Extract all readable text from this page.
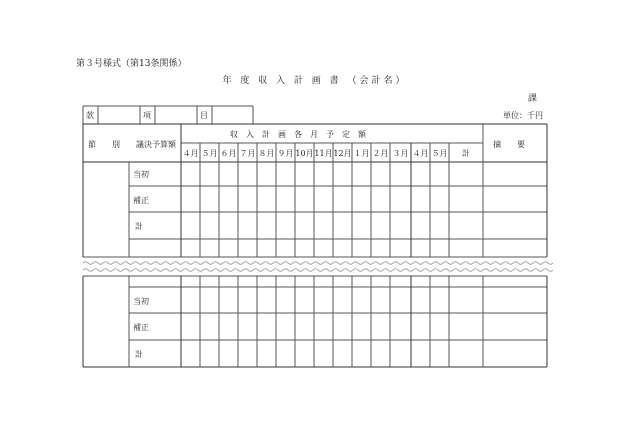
第３号様式（第13条関係）
年 度 収 入 計 画 書 （会計名）
課
単位：千円
款	項	目
節　　別 議決予算額
収　入　計　画　各　月　予　定　額
摘　　要
４月 ５月 ６月 ７月 ８月 ９月 10月 11月 12月 １月 ２月 ３月 ４月 ５月 計
当初
補正
計
当初
補正
計
